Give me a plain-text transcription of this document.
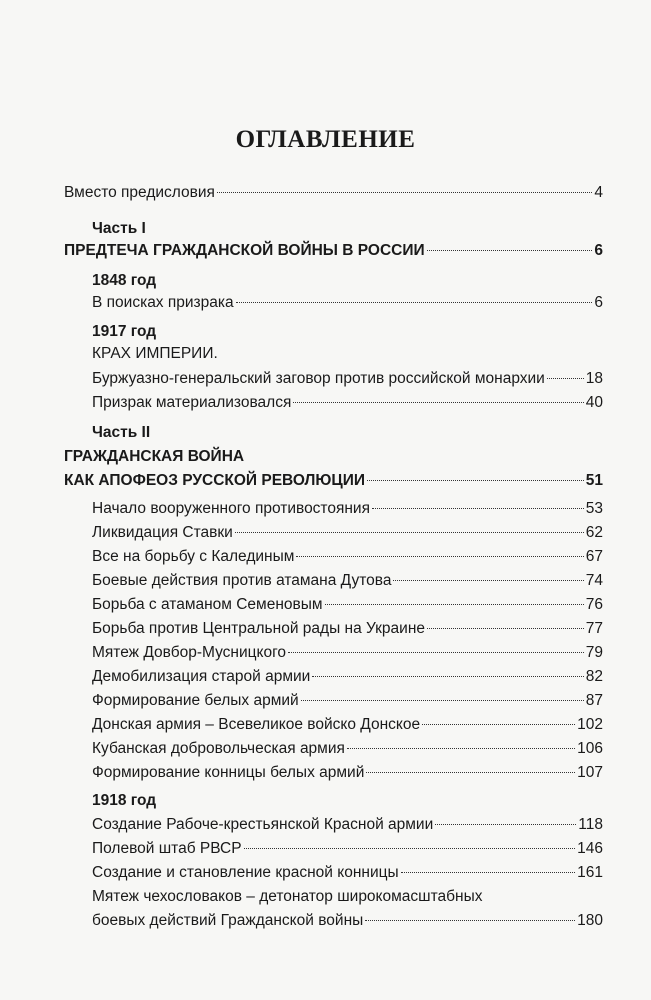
ОГЛАВЛЕНИЕ
Вместо предисловия	4
Часть I
ПРЕДТЕЧА ГРАЖДАНСКОЙ ВОЙНЫ В РОССИИ	6
1848 год
В поисках призрака	6
1917 год
КРАХ ИМПЕРИИ.
Буржуазно-генеральский заговор против российской монархии	18
Призрак материализовался	40
Часть II
ГРАЖДАНСКАЯ ВОЙНА
КАК АПОФЕОЗ РУССКОЙ РЕВОЛЮЦИИ	51
Начало вооруженного противостояния	53
Ликвидация Ставки	62
Все на борьбу с Калединым	67
Боевые действия против атамана Дутова	74
Борьба с атаманом Семеновым	76
Борьба против Центральной рады на Украине	77
Мятеж Довбор-Мусницкого	79
Демобилизация старой армии	82
Формирование белых армий	87
Донская армия – Всевеликое войско Донское	102
Кубанская добровольческая армия	106
Формирование конницы белых армий	107
1918 год
Создание Рабоче-крестьянской Красной армии	118
Полевой штаб РВСР	146
Создание и становление красной конницы	161
Мятеж чехословаков – детонатор широкомасштабных
боевых действий Гражданской войны	180
